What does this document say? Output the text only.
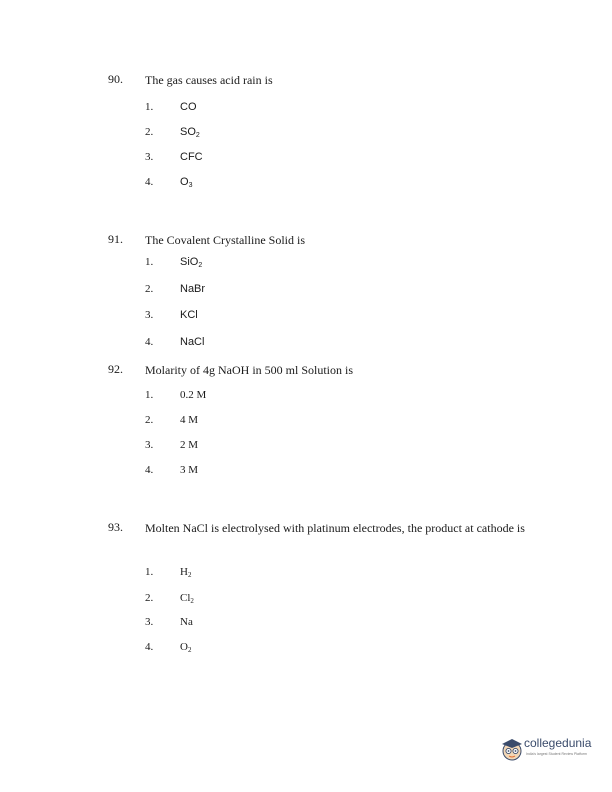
90. The gas causes acid rain is
1. CO
2. $SO_2$
3. CFC
4. $O_3$
91. The Covalent Crystalline Solid is
1. SiO$_2$
2. NaBr
3. KCl
4. NaCl
92. Molarity of 4g NaOH in 500 ml Solution is
1. 0.2 M
2. 4 M
3. 2 M
4. 3 M
93. Molten NaCl is electrolysed with platinum electrodes, the product at cathode is
1. $H_2$
2. $Cl_2$
3. Na
4. $O_2$
collegedunia
India's largest Student Review Platform
